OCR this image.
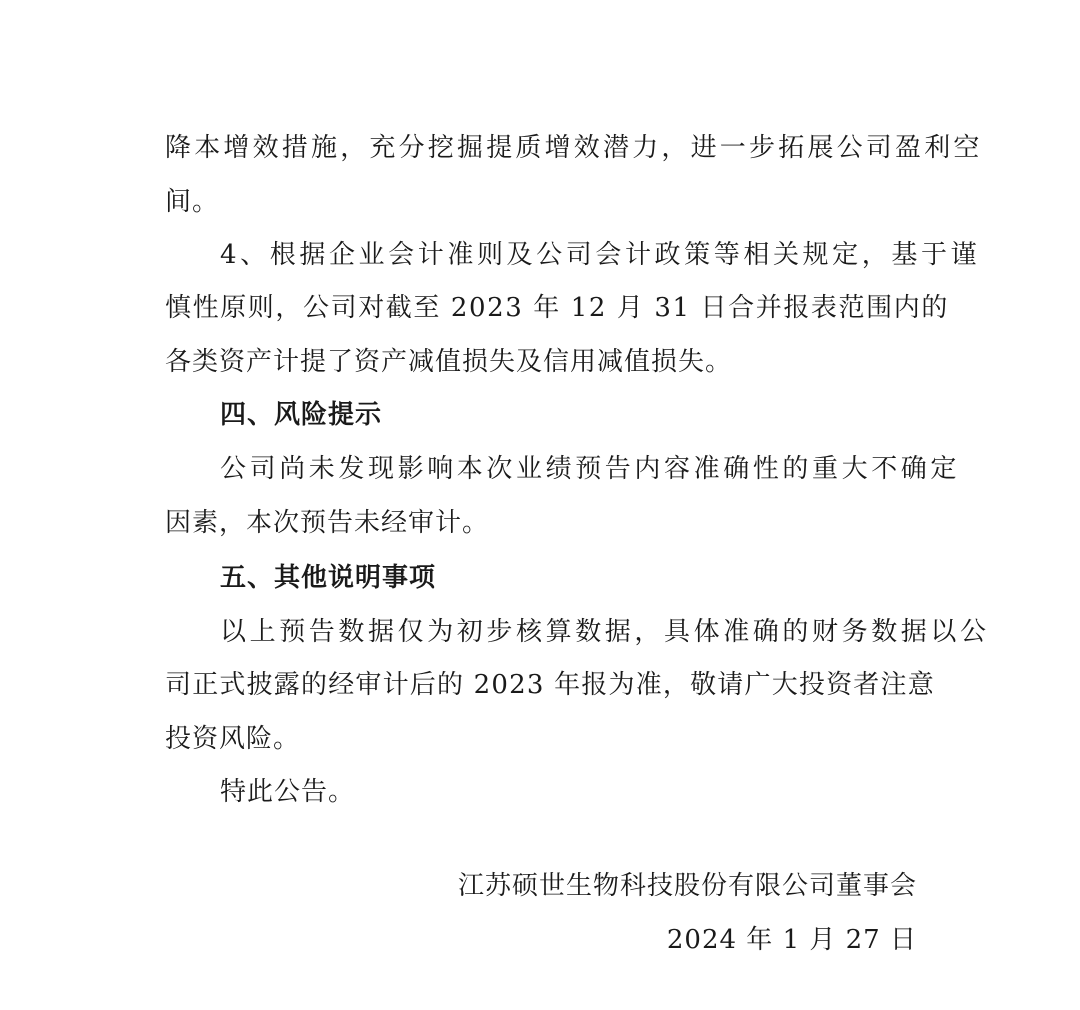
降本增效措施，充分挖掘提质增效潜力，进一步拓展公司盈利空
间。
4、根据企业会计准则及公司会计政策等相关规定，基于谨
慎性原则，公司对截至 2023 年 12 月 31 日合并报表范围内的
各类资产计提了资产减值损失及信用减值损失。
四、风险提示
公司尚未发现影响本次业绩预告内容准确性的重大不确定
因素，本次预告未经审计。
五、其他说明事项
以上预告数据仅为初步核算数据，具体准确的财务数据以公
司正式披露的经审计后的 2023 年报为准，敬请广大投资者注意
投资风险。
特此公告。
江苏硕世生物科技股份有限公司董事会
2024 年 1 月 27 日
